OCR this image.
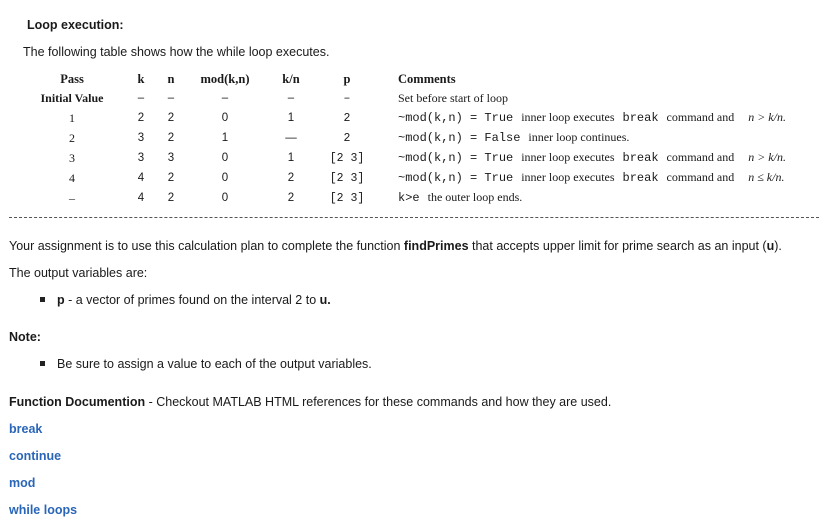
Loop execution:
The following table shows how the while loop executes.
Pass	k	n	mod(k,n)	k/n	p	Comments
Initial Value	–	–	–	–	–	Set before start of loop
1	2	2	0	1	2	~mod(k,n) = True inner loop executes break command and n > k/n.
2	3	2	1	—	2	~mod(k,n) = False inner loop continues.
3	3	3	0	1	[2 3]	~mod(k,n) = True inner loop executes break command and n > k/n.
4	4	2	0	2	[2 3]	~mod(k,n) = True inner loop executes break command and n ≤ k/n.
–	4	2	0	2	[2 3]	k>e the outer loop ends.
Your assignment is to use this calculation plan to complete the function findPrimes that accepts upper limit for prime search as an input (u).
The output variables are:
p - a vector of primes found on the interval 2 to u.
Note:
Be sure to assign a value to each of the output variables.
Function Documention - Checkout MATLAB HTML references for these commands and how they are used.
break
continue
mod
while loops
